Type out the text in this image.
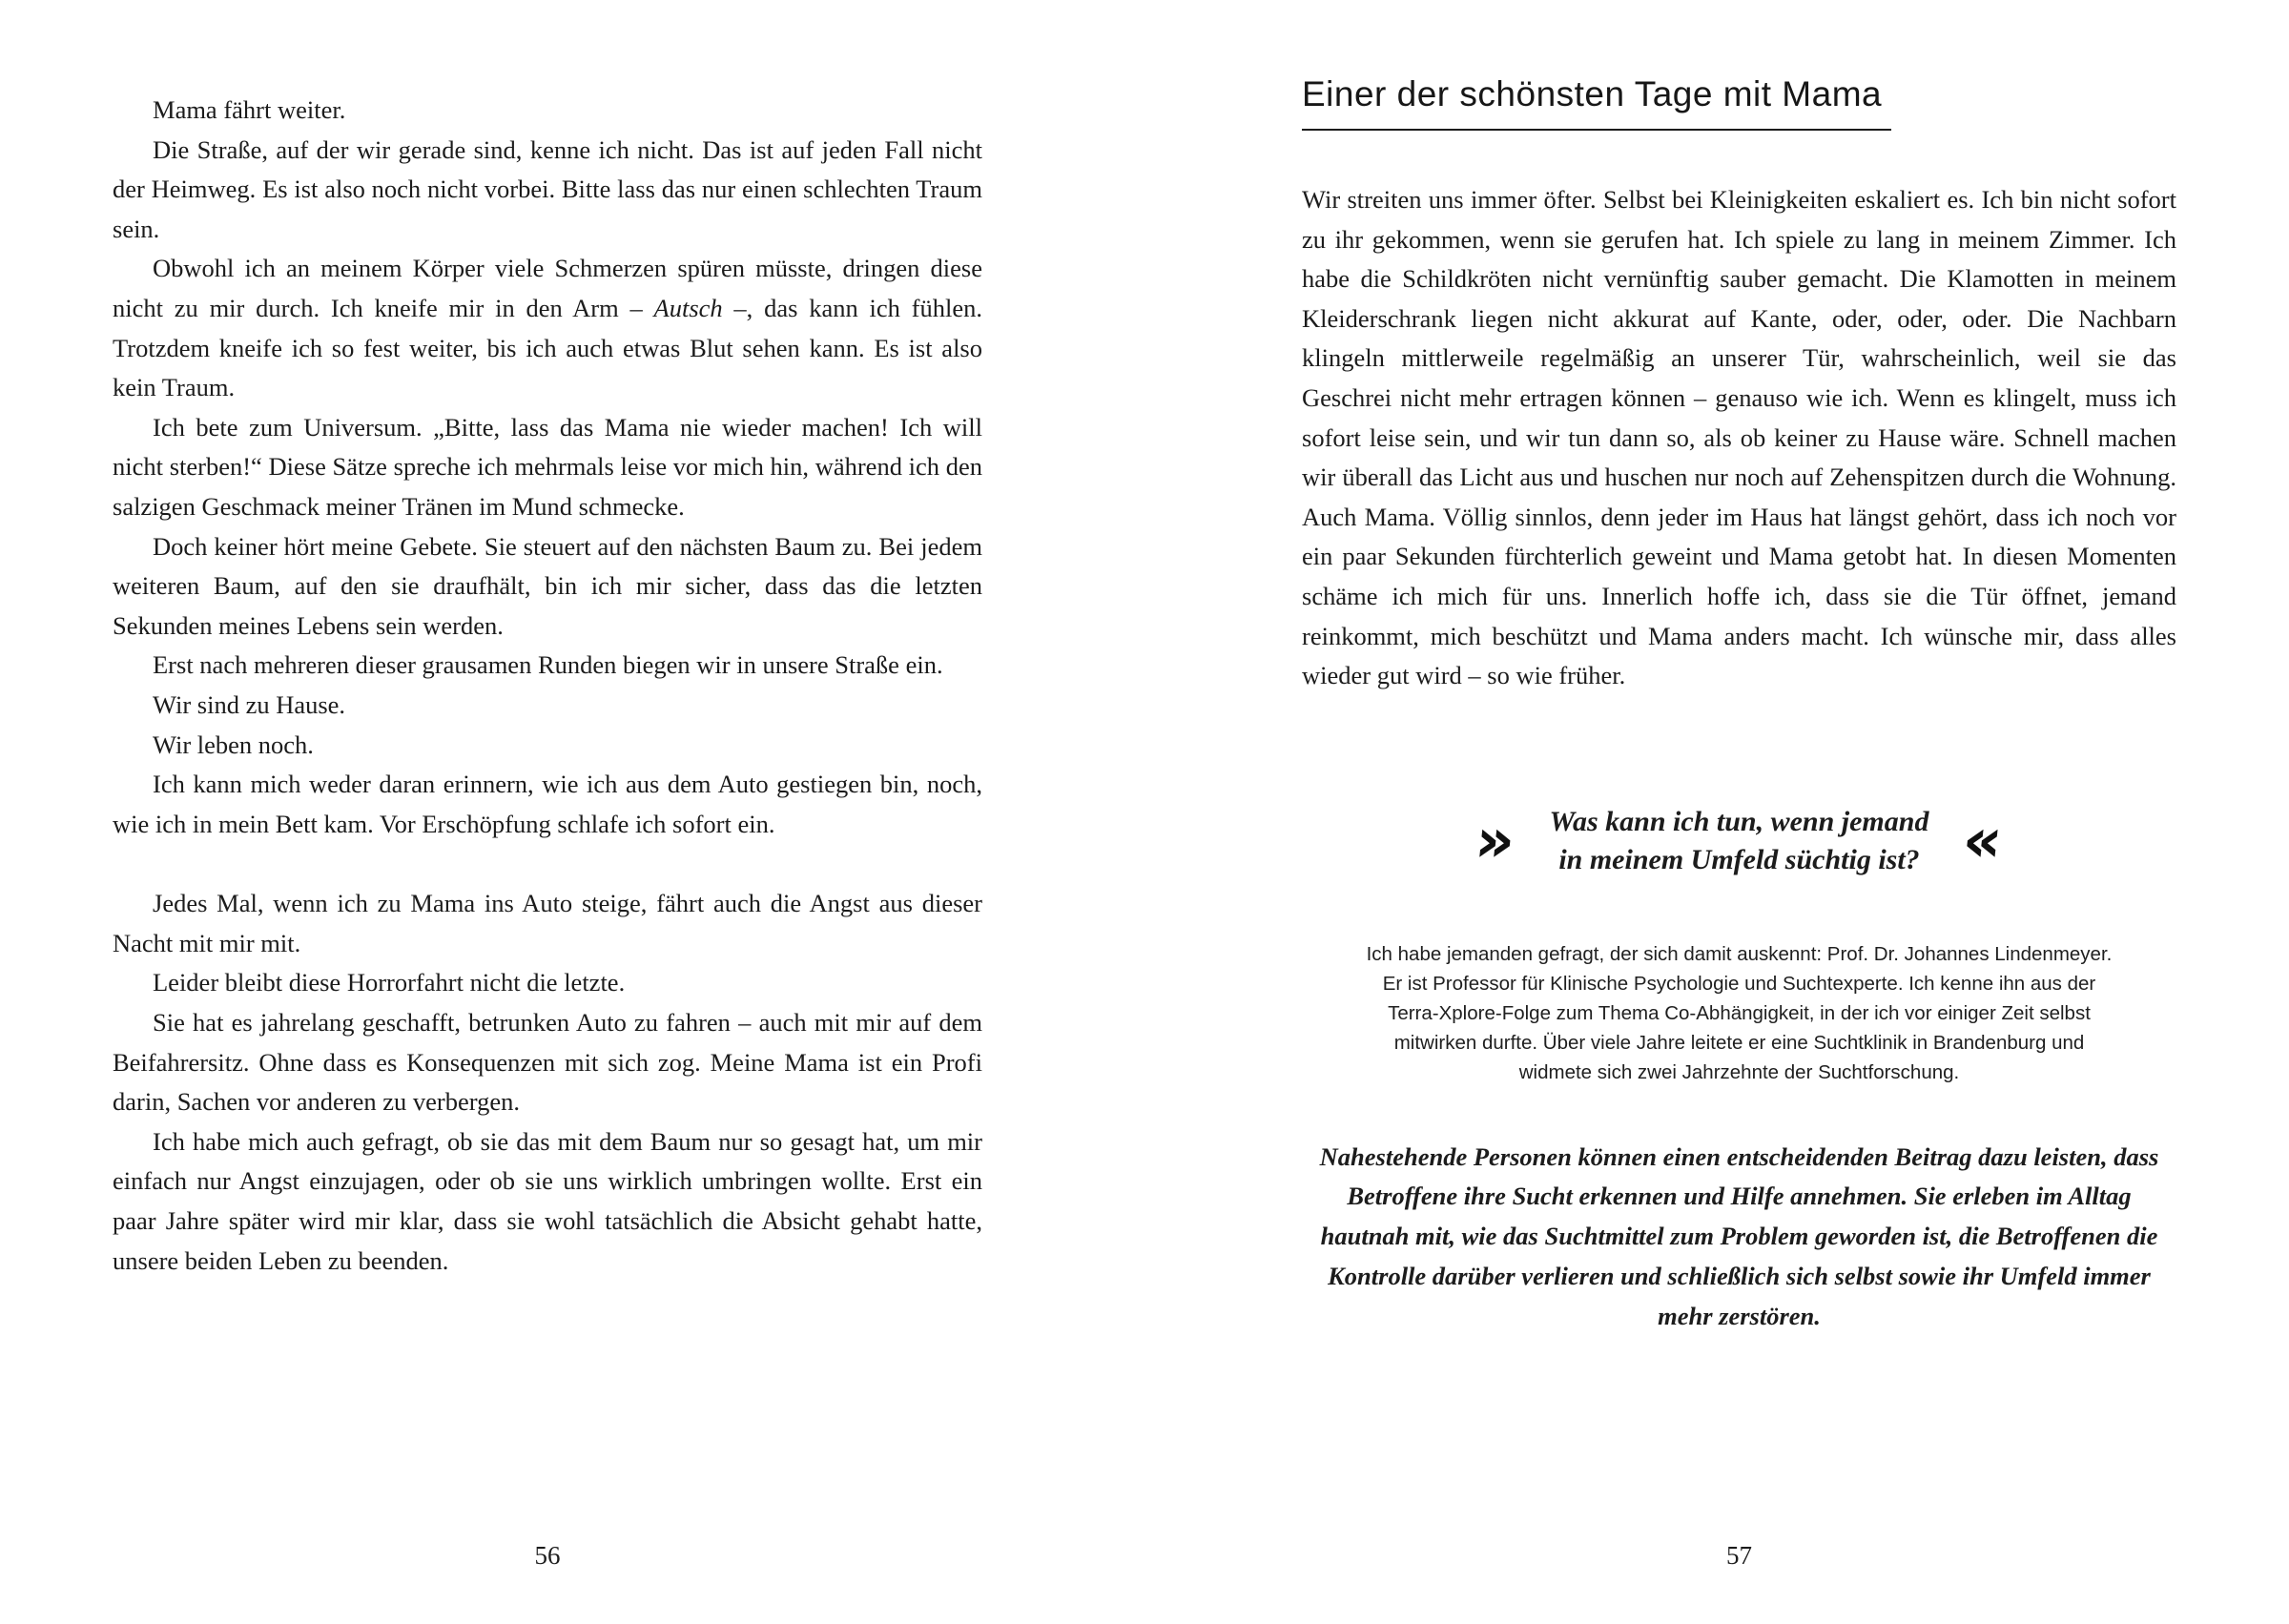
Mama fährt weiter.

Die Straße, auf der wir gerade sind, kenne ich nicht. Das ist auf jeden Fall nicht der Heimweg. Es ist also noch nicht vorbei. Bitte lass das nur einen schlechten Traum sein.

Obwohl ich an meinem Körper viele Schmerzen spüren müsste, dringen diese nicht zu mir durch. Ich kneife mir in den Arm – Autsch –, das kann ich fühlen. Trotzdem kneife ich so fest weiter, bis ich auch etwas Blut sehen kann. Es ist also kein Traum.

Ich bete zum Universum. „Bitte, lass das Mama nie wieder machen! Ich will nicht sterben!“ Diese Sätze spreche ich mehrmals leise vor mich hin, während ich den salzigen Geschmack meiner Tränen im Mund schmecke.

Doch keiner hört meine Gebete. Sie steuert auf den nächsten Baum zu. Bei jedem weiteren Baum, auf den sie draufhält, bin ich mir sicher, dass das die letzten Sekunden meines Lebens sein werden.

Erst nach mehreren dieser grausamen Runden biegen wir in unsere Straße ein.

Wir sind zu Hause.

Wir leben noch.

Ich kann mich weder daran erinnern, wie ich aus dem Auto gestiegen bin, noch, wie ich in mein Bett kam. Vor Erschöpfung schlafe ich sofort ein.

Jedes Mal, wenn ich zu Mama ins Auto steige, fährt auch die Angst aus dieser Nacht mit mir mit.

Leider bleibt diese Horrorfahrt nicht die letzte.

Sie hat es jahrelang geschafft, betrunken Auto zu fahren – auch mit mir auf dem Beifahrersitz. Ohne dass es Konsequenzen mit sich zog. Meine Mama ist ein Profi darin, Sachen vor anderen zu verbergen.

Ich habe mich auch gefragt, ob sie das mit dem Baum nur so gesagt hat, um mir einfach nur Angst einzujagen, oder ob sie uns wirklich umbringen wollte. Erst ein paar Jahre später wird mir klar, dass sie wohl tatsächlich die Absicht gehabt hatte, unsere beiden Leben zu beenden.

56
Einer der schönsten Tage mit Mama

Wir streiten uns immer öfter. Selbst bei Kleinigkeiten eskaliert es. Ich bin nicht sofort zu ihr gekommen, wenn sie gerufen hat. Ich spiele zu lang in meinem Zimmer. Ich habe die Schildkröten nicht vernünftig sauber gemacht. Die Klamotten in meinem Kleiderschrank liegen nicht akkurat auf Kante, oder, oder, oder. Die Nachbarn klingeln mittlerweile regelmäßig an unserer Tür, wahrscheinlich, weil sie das Geschrei nicht mehr ertragen können – genauso wie ich. Wenn es klingelt, muss ich sofort leise sein, und wir tun dann so, als ob keiner zu Hause wäre. Schnell machen wir überall das Licht aus und huschen nur noch auf Zehenspitzen durch die Wohnung. Auch Mama. Völlig sinnlos, denn jeder im Haus hat längst gehört, dass ich noch vor ein paar Sekunden fürchterlich geweint und Mama getobt hat. In diesen Momenten schäme ich mich für uns. Innerlich hoffe ich, dass sie die Tür öffnet, jemand reinkommt, mich beschützt und Mama anders macht. Ich wünsche mir, dass alles wieder gut wird – so wie früher.

» Was kann ich tun, wenn jemand
in meinem Umfeld süchtig ist? «

Ich habe jemanden gefragt, der sich damit auskennt: Prof. Dr. Johannes Lindenmeyer. Er ist Professor für Klinische Psychologie und Suchtexperte. Ich kenne ihn aus der Terra-Xplore-Folge zum Thema Co-Abhängigkeit, in der ich vor einiger Zeit selbst mitwirken durfte. Über viele Jahre leitete er eine Suchtklinik in Brandenburg und widmete sich zwei Jahrzehnte der Suchtforschung.

Nahestehende Personen können einen entscheidenden Beitrag dazu leisten, dass Betroffene ihre Sucht erkennen und Hilfe annehmen. Sie erleben im Alltag hautnah mit, wie das Suchtmittel zum Problem geworden ist, die Betroffenen die Kontrolle darüber verlieren und schließlich sich selbst sowie ihr Umfeld immer mehr zerstören.

57
